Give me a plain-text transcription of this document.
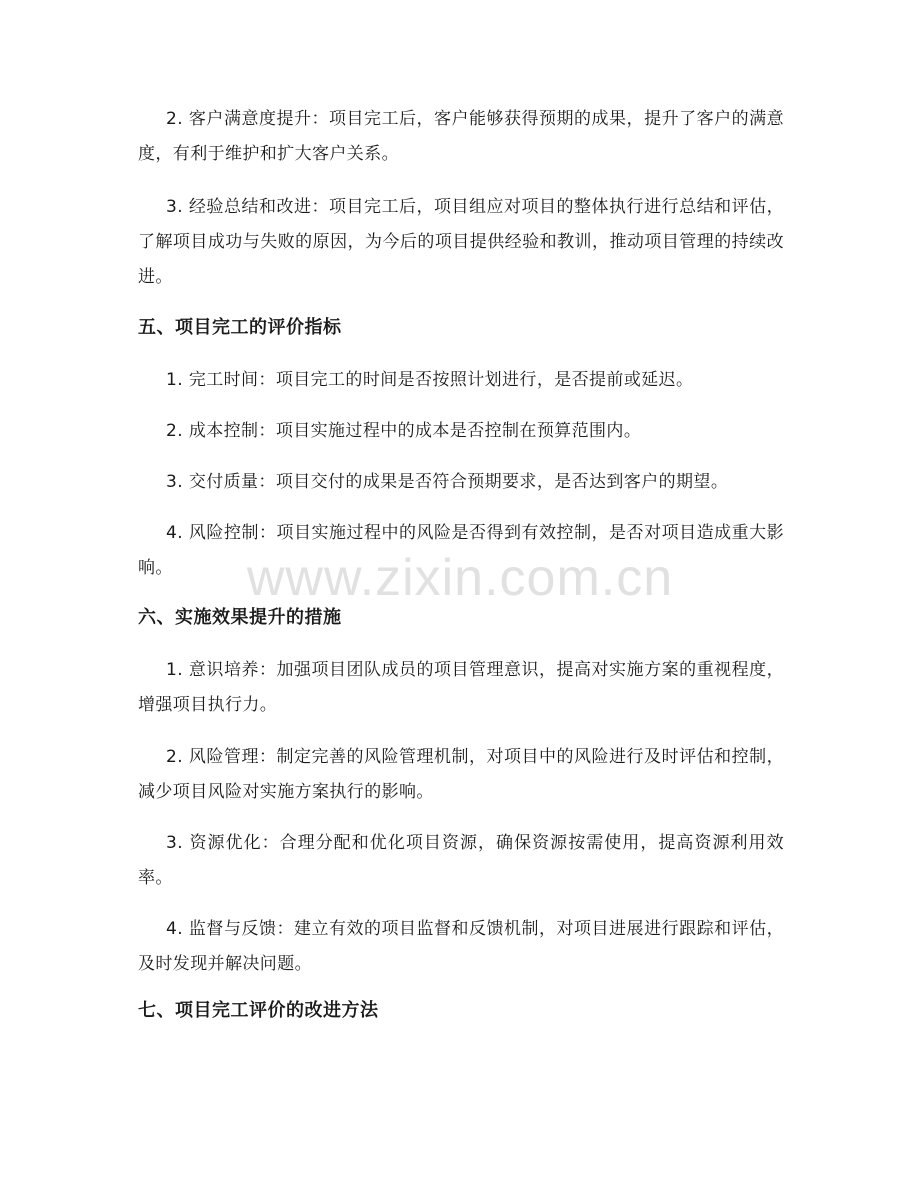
2. 客户满意度提升：项目完工后，客户能够获得预期的成果，提升了客户的满意度，有利于维护和扩大客户关系。

3. 经验总结和改进：项目完工后，项目组应对项目的整体执行进行总结和评估，了解项目成功与失败的原因，为今后的项目提供经验和教训，推动项目管理的持续改进。

五、项目完工的评价指标

1. 完工时间：项目完工的时间是否按照计划进行，是否提前或延迟。

2. 成本控制：项目实施过程中的成本是否控制在预算范围内。

3. 交付质量：项目交付的成果是否符合预期要求，是否达到客户的期望。

4. 风险控制：项目实施过程中的风险是否得到有效控制，是否对项目造成重大影响。

六、实施效果提升的措施

1. 意识培养：加强项目团队成员的项目管理意识，提高对实施方案的重视程度，增强项目执行力。

2. 风险管理：制定完善的风险管理机制，对项目中的风险进行及时评估和控制，减少项目风险对实施方案执行的影响。

3. 资源优化：合理分配和优化项目资源，确保资源按需使用，提高资源利用效率。

4. 监督与反馈：建立有效的项目监督和反馈机制，对项目进展进行跟踪和评估，及时发现并解决问题。

七、项目完工评价的改进方法
www.zixin.com.cn
